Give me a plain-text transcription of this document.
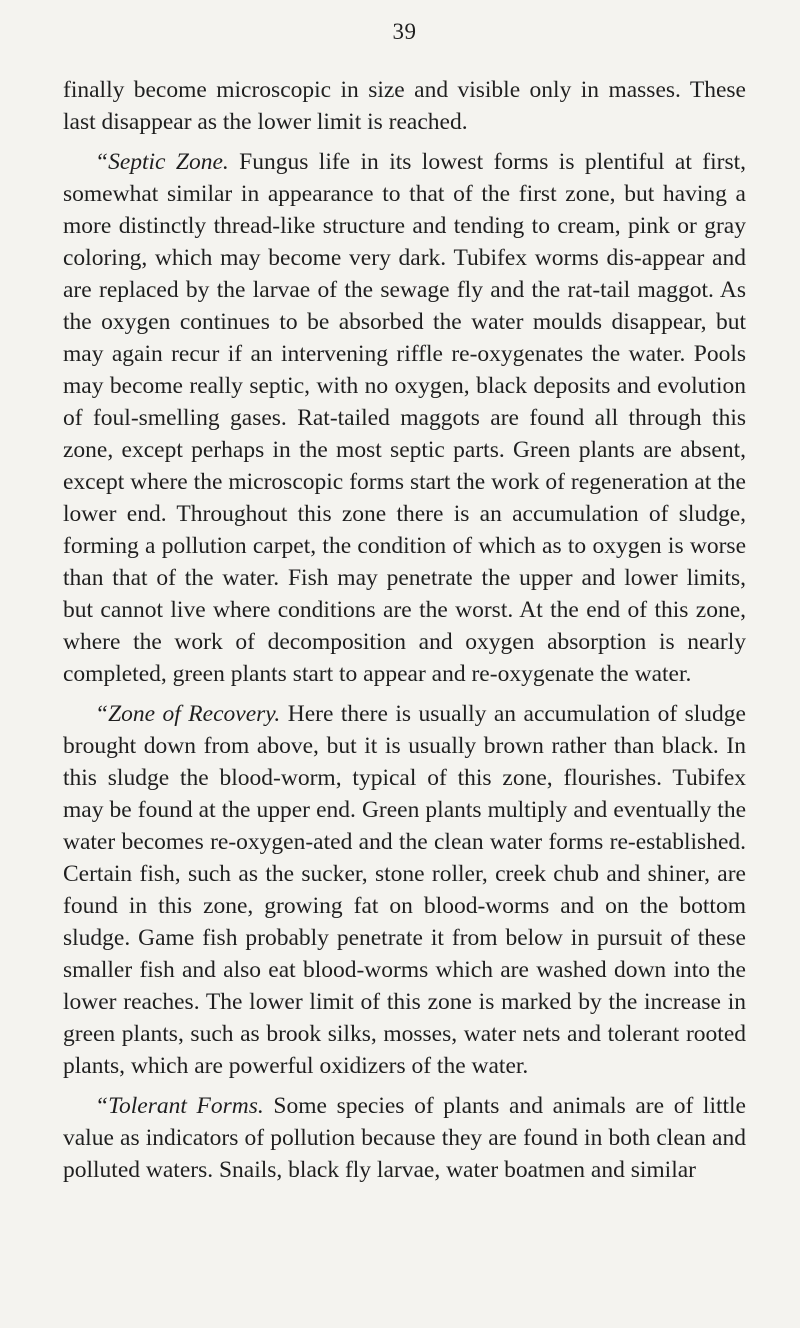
39

finally become microscopic in size and visible only in masses. These last disappear as the lower limit is reached.

“Septic Zone. Fungus life in its lowest forms is plentiful at first, somewhat similar in appearance to that of the first zone, but having a more distinctly thread-like structure and tending to cream, pink or gray coloring, which may become very dark. Tubifex worms dis-appear and are replaced by the larvae of the sewage fly and the rat-tail maggot. As the oxygen continues to be absorbed the water moulds disappear, but may again recur if an intervening riffle re-oxygenates the water. Pools may become really septic, with no oxygen, black deposits and evolution of foul-smelling gases. Rat-tailed maggots are found all through this zone, except perhaps in the most septic parts. Green plants are absent, except where the microscopic forms start the work of regeneration at the lower end. Throughout this zone there is an accumulation of sludge, forming a pollution carpet, the condition of which as to oxygen is worse than that of the water. Fish may penetrate the upper and lower limits, but cannot live where conditions are the worst. At the end of this zone, where the work of decomposition and oxygen absorption is nearly completed, green plants start to appear and re-oxygenate the water.

“Zone of Recovery. Here there is usually an accumulation of sludge brought down from above, but it is usually brown rather than black. In this sludge the blood-worm, typical of this zone, flourishes. Tubifex may be found at the upper end. Green plants multiply and eventually the water becomes re-oxygen-ated and the clean water forms re-established. Certain fish, such as the sucker, stone roller, creek chub and shiner, are found in this zone, growing fat on blood-worms and on the bottom sludge. Game fish probably penetrate it from below in pursuit of these smaller fish and also eat blood-worms which are washed down into the lower reaches. The lower limit of this zone is marked by the increase in green plants, such as brook silks, mosses, water nets and tolerant rooted plants, which are powerful oxidizers of the water.

“Tolerant Forms. Some species of plants and animals are of little value as indicators of pollution because they are found in both clean and polluted waters. Snails, black fly larvae, water boatmen and similar
